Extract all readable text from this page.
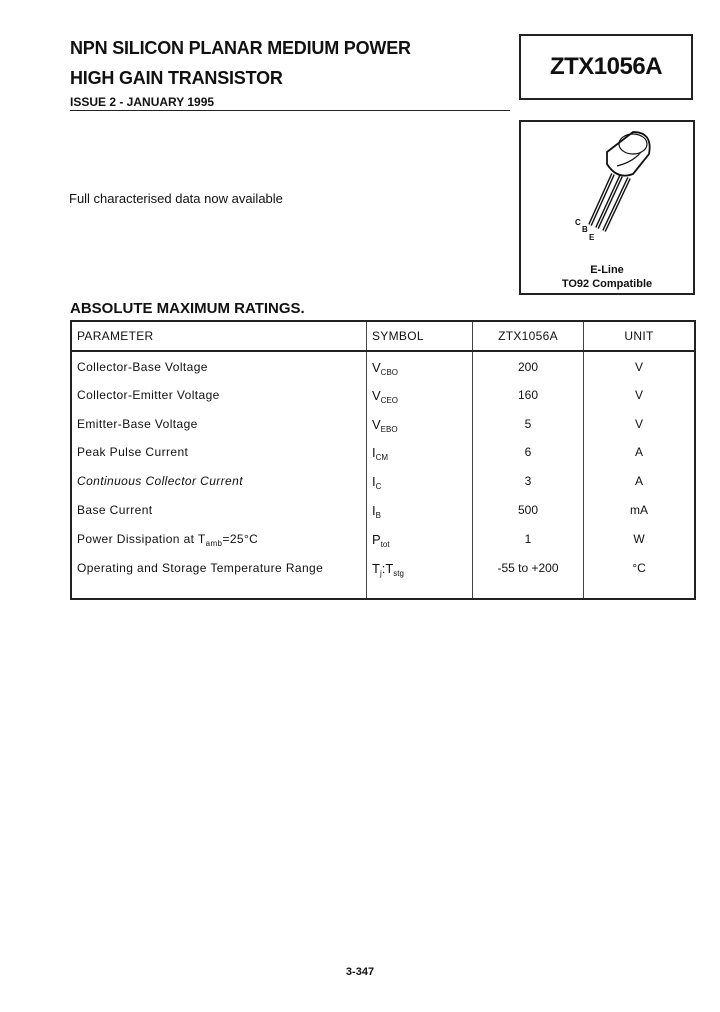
NPN SILICON PLANAR MEDIUM POWER
HIGH GAIN TRANSISTOR
ISSUE 2 - JANUARY 1995
ZTX1056A
C
B
E
E-Line
TO92 Compatible
Full characterised data now available
ABSOLUTE MAXIMUM RATINGS.
PARAMETER	SYMBOL	ZTX1056A	UNIT
Collector-Base Voltage	$V_{CBO}$	200	V
Collector-Emitter Voltage	$V_{CEO}$	160	V
Emitter-Base Voltage	$V_{EBO}$	5	V
Peak Pulse Current	$I_{CM}$	6	A
Continuous Collector Current	$I_C$	3	A
Base Current	$I_B$	500	mA
Power Dissipation at $T_{amb}=25^\circ C$	$P_{tot}$	1	W
Operating and Storage Temperature Range	$T_j:T_{stg}$	-55 to +200	°C
3-347
